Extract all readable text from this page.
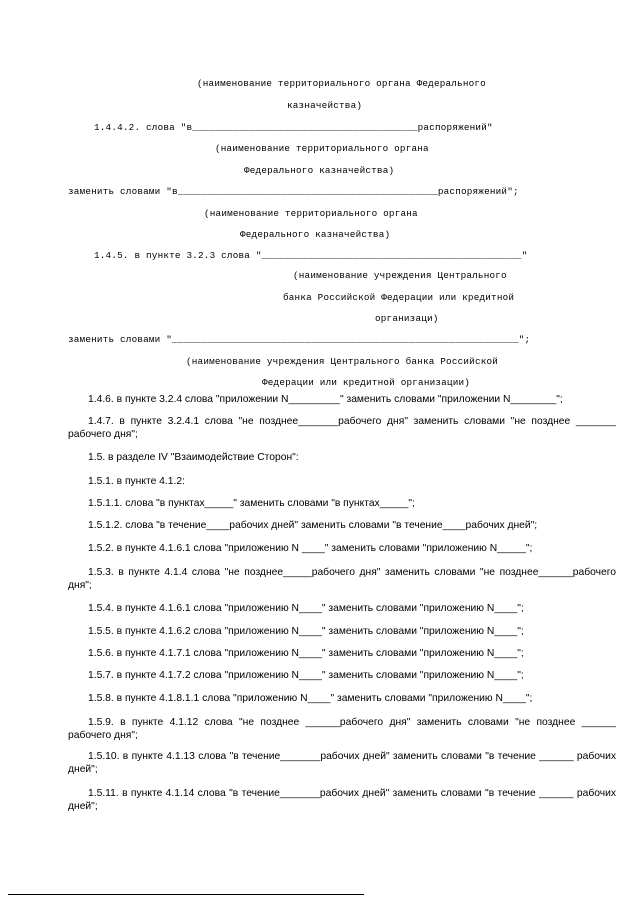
(наименование территориального органа Федерального
казначейства)
1.4.4.2. слова "в_______________________________________распоряжений"
(наименование территориального органа
Федерального казначейства)
заменить словами "в_____________________________________________распоряжений";
(наименование территориального органа
Федерального казначейства)
1.4.5. в пункте 3.2.3 слова "_____________________________________________"
(наименование учреждения Центрального
банка Российской Федерации или кредитной
организаци)
заменить словами "____________________________________________________________";
(наименование учреждения Центрального банка Российской
Федерации или кредитной организации)
1.4.6. в пункте 3.2.4 слова "приложении N_________" заменить словами "приложении N________";
1.4.7. в пункте 3.2.4.1 слова "не позднее_______рабочего дня" заменить словами "не позднее _______ рабочего дня";
1.5. в разделе IV "Взаимодействие Сторон":
1.5.1. в пункте 4.1.2:
1.5.1.1. слова "в пунктах_____" заменить словами "в пунктах_____";
1.5.1.2. слова "в течение____рабочих дней" заменить словами "в течение____рабочих дней";
1.5.2. в пункте 4.1.6.1 слова "приложению N ____" заменить словами "приложению N_____";
1.5.3. в пункте 4.1.4 слова "не позднее_____рабочего дня" заменить словами "не позднее______рабочего дня";
1.5.4. в пункте 4.1.6.1 слова "приложению N____" заменить словами "приложению N____";
1.5.5. в пункте 4.1.6.2 слова "приложению N____" заменить словами "приложению N____";
1.5.6. в пункте 4.1.7.1 слова "приложению N____" заменить словами "приложению N____";
1.5.7. в пункте 4.1.7.2 слова "приложению N____" заменить словами "приложению N____";
1.5.8. в пункте 4.1.8.1.1 слова "приложению N____" заменить словами "приложению N____";
1.5.9. в пункте 4.1.12 слова "не позднее ______рабочего дня" заменить словами "не позднее ______ рабочего дня";
1.5.10. в пункте 4.1.13 слова "в течение_______рабочих дней" заменить словами "в течение ______ рабочих дней";
1.5.11. в пункте 4.1.14 слова "в течение_______рабочих дней" заменить словами "в течение ______ рабочих дней";
